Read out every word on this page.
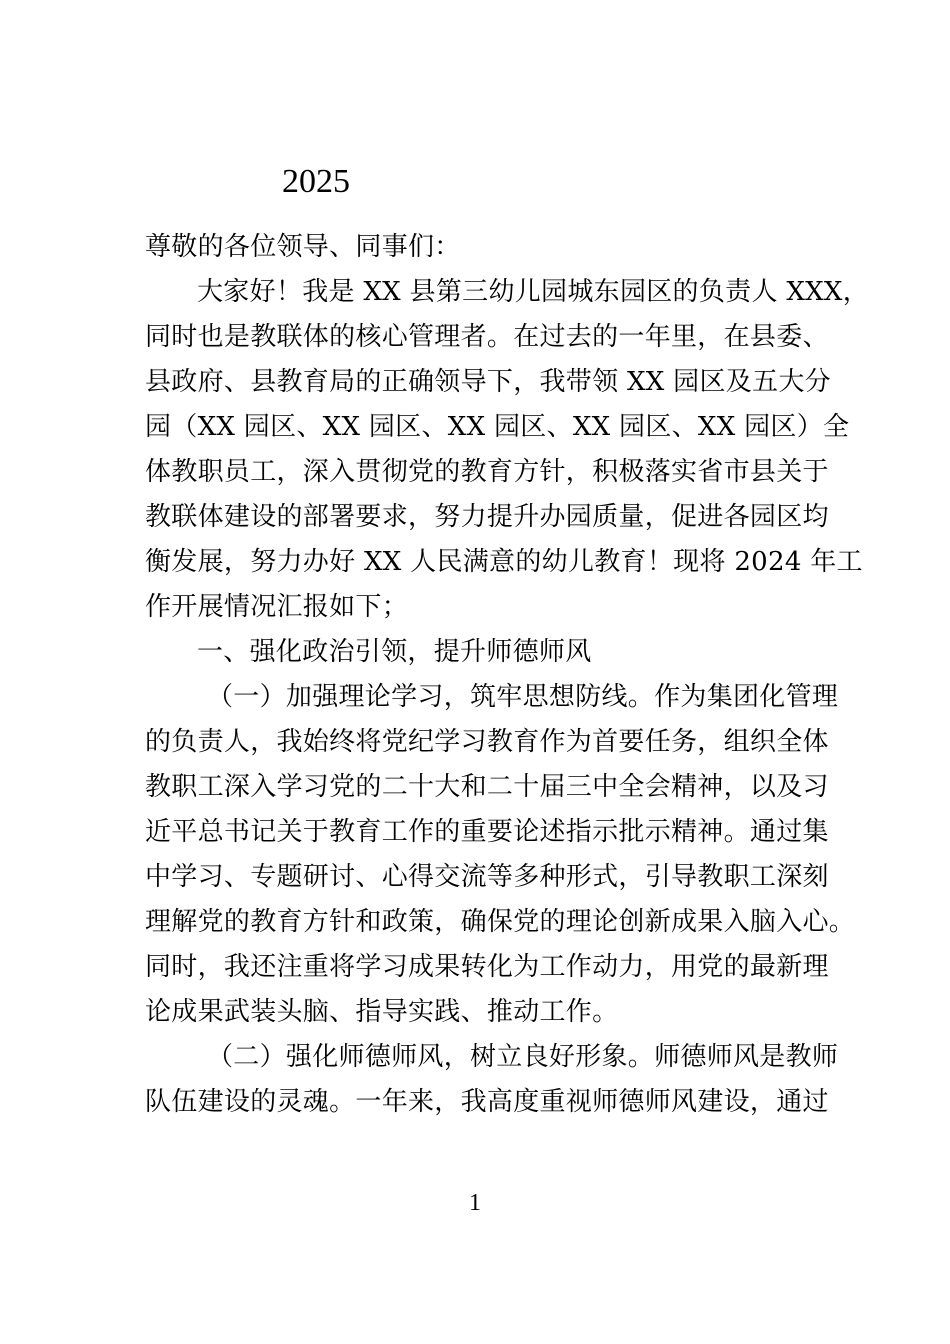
2025
尊敬的各位领导、同事们：
大家好！我是 XX 县第三幼儿园城东园区的负责人 XXX，
同时也是教联体的核心管理者。在过去的一年里，在县委、
县政府、县教育局的正确领导下，我带领 XX 园区及五大分
园（XX 园区、XX 园区、XX 园区、XX 园区、XX 园区）全
体教职员工，深入贯彻党的教育方针，积极落实省市县关于
教联体建设的部署要求，努力提升办园质量，促进各园区均
衡发展，努力办好 XX 人民满意的幼儿教育！现将 2024 年工
作开展情况汇报如下；
一、强化政治引领，提升师德师风
（一）加强理论学习，筑牢思想防线。作为集团化管理
的负责人，我始终将党纪学习教育作为首要任务，组织全体
教职工深入学习党的二十大和二十届三中全会精神，以及习
近平总书记关于教育工作的重要论述指示批示精神。通过集
中学习、专题研讨、心得交流等多种形式，引导教职工深刻
理解党的教育方针和政策，确保党的理论创新成果入脑入心。
同时，我还注重将学习成果转化为工作动力，用党的最新理
论成果武装头脑、指导实践、推动工作。
（二）强化师德师风，树立良好形象。师德师风是教师
队伍建设的灵魂。一年来，我高度重视师德师风建设，通过
1
